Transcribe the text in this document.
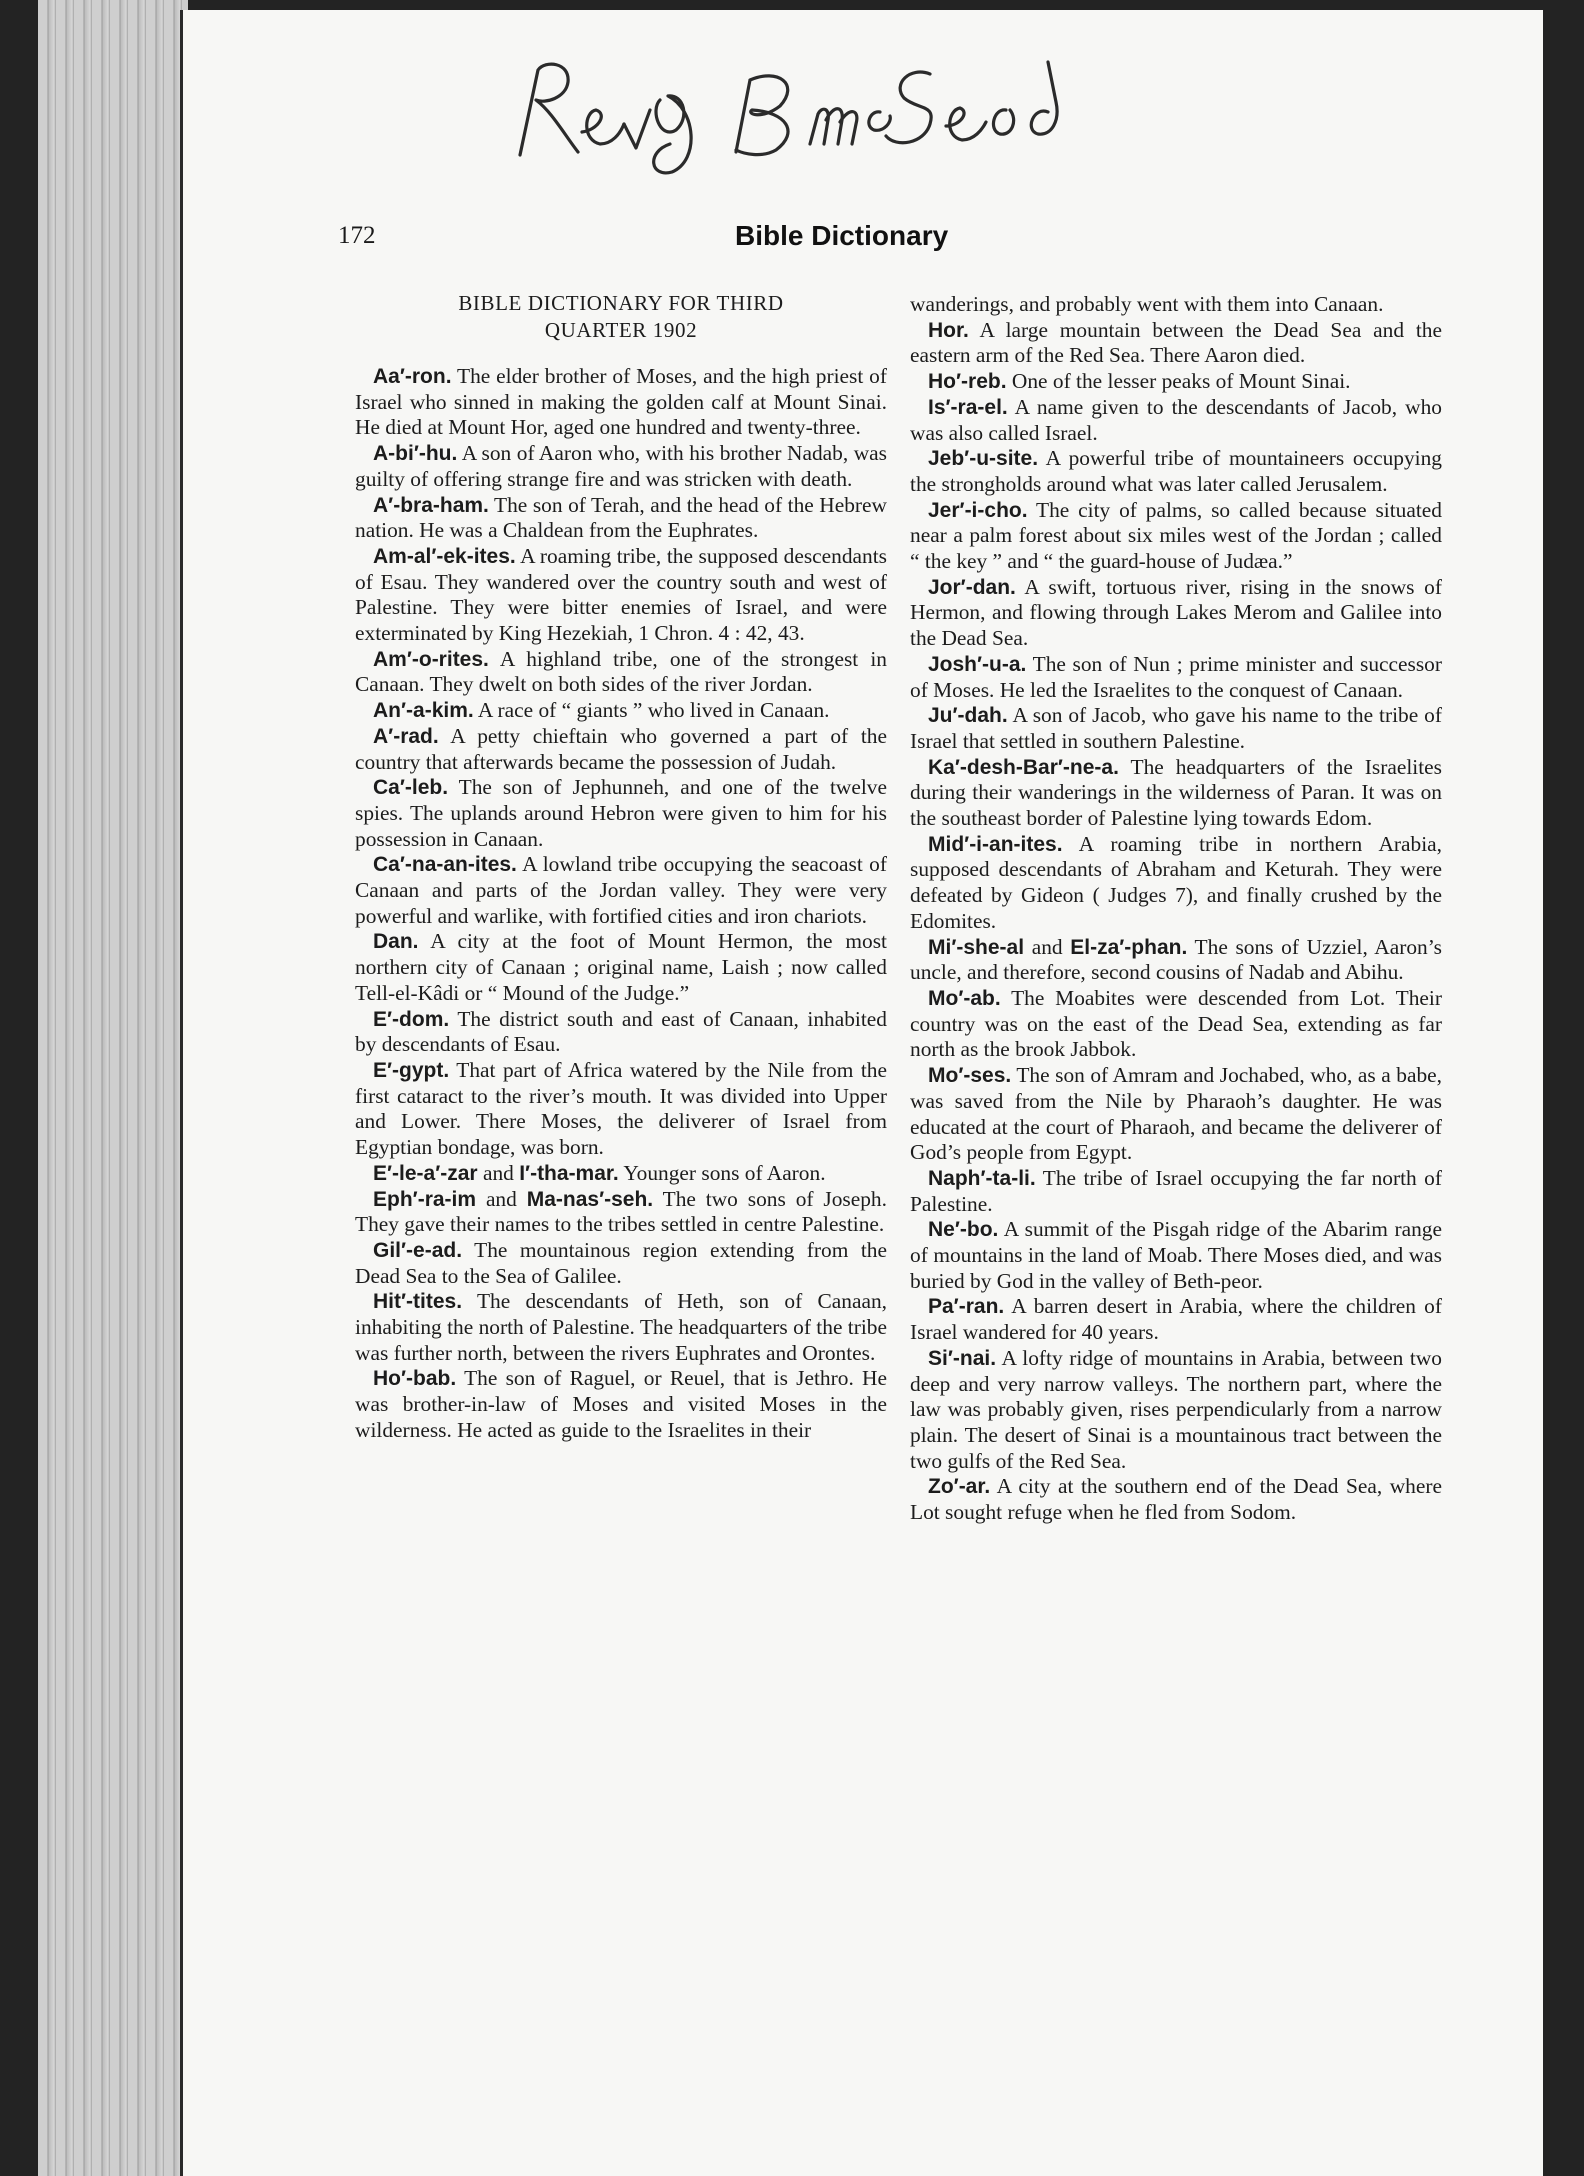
172	Bible Dictionary
BIBLE DICTIONARY FOR THIRD
QUARTER 1902

Aa′-ron. The elder brother of Moses, and the high priest of Israel who sinned in making the golden calf at Mount Sinai. He died at Mount Hor, aged one hundred and twenty-three.

A-bi′-hu. A son of Aaron who, with his brother Nadab, was guilty of offering strange fire and was stricken with death.

A′-bra-ham. The son of Terah, and the head of the Hebrew nation. He was a Chaldean from the Euphrates.

Am-al′-ek-ites. A roaming tribe, the supposed descendants of Esau. They wandered over the country south and west of Palestine. They were bitter enemies of Israel, and were exterminated by King Hezekiah, 1 Chron. 4 : 42, 43.

Am′-o-rites. A highland tribe, one of the strongest in Canaan. They dwelt on both sides of the river Jordan.

An′-a-kim. A race of “ giants ” who lived in Canaan.

A′-rad. A petty chieftain who governed a part of the country that afterwards became the possession of Judah.

Ca′-leb. The son of Jephunneh, and one of the twelve spies. The uplands around Hebron were given to him for his possession in Canaan.

Ca′-na-an-ites. A lowland tribe occupying the seacoast of Canaan and parts of the Jordan valley. They were very powerful and warlike, with fortified cities and iron chariots.

Dan. A city at the foot of Mount Hermon, the most northern city of Canaan ; original name, Laish ; now called Tell-el-Kâdi or “ Mound of the Judge.”

E′-dom. The district south and east of Canaan, inhabited by descendants of Esau.

E′-gypt. That part of Africa watered by the Nile from the first cataract to the river’s mouth. It was divided into Upper and Lower. There Moses, the deliverer of Israel from Egyptian bondage, was born.

E′-le-a′-zar and I′-tha-mar. Younger sons of Aaron.

Eph′-ra-im and Ma-nas′-seh. The two sons of Joseph. They gave their names to the tribes settled in centre Palestine.

Gil′-e-ad. The mountainous region extending from the Dead Sea to the Sea of Galilee.

Hit′-tites. The descendants of Heth, son of Canaan, inhabiting the north of Palestine. The headquarters of the tribe was further north, between the rivers Euphrates and Orontes.

Ho′-bab. The son of Raguel, or Reuel, that is Jethro. He was brother-in-law of Moses and visited Moses in the wilderness. He acted as guide to the Israelites in their

wanderings, and probably went with them into Canaan.

Hor. A large mountain between the Dead Sea and the eastern arm of the Red Sea. There Aaron died.

Ho′-reb. One of the lesser peaks of Mount Sinai.

Is′-ra-el. A name given to the descendants of Jacob, who was also called Israel.

Jeb′-u-site. A powerful tribe of mountaineers occupying the strongholds around what was later called Jerusalem.

Jer′-i-cho. The city of palms, so called because situated near a palm forest about six miles west of the Jordan ; called “ the key ” and “ the guard-house of Judæa.”

Jor′-dan. A swift, tortuous river, rising in the snows of Hermon, and flowing through Lakes Merom and Galilee into the Dead Sea.

Josh′-u-a. The son of Nun ; prime minister and successor of Moses. He led the Israelites to the conquest of Canaan.

Ju′-dah. A son of Jacob, who gave his name to the tribe of Israel that settled in southern Palestine.

Ka′-desh-Bar′-ne-a. The headquarters of the Israelites during their wanderings in the wilderness of Paran. It was on the southeast border of Palestine lying towards Edom.

Mid′-i-an-ites. A roaming tribe in northern Arabia, supposed descendants of Abraham and Keturah. They were defeated by Gideon ( Judges 7), and finally crushed by the Edomites.

Mi′-she-al and El-za′-phan. The sons of Uzziel, Aaron’s uncle, and therefore, second cousins of Nadab and Abihu.

Mo′-ab. The Moabites were descended from Lot. Their country was on the east of the Dead Sea, extending as far north as the brook Jabbok.

Mo′-ses. The son of Amram and Jochabed, who, as a babe, was saved from the Nile by Pharaoh’s daughter. He was educated at the court of Pharaoh, and became the deliverer of God’s people from Egypt.

Naph′-ta-li. The tribe of Israel occupying the far north of Palestine.

Ne′-bo. A summit of the Pisgah ridge of the Abarim range of mountains in the land of Moab. There Moses died, and was buried by God in the valley of Beth-peor.

Pa′-ran. A barren desert in Arabia, where the children of Israel wandered for 40 years.

Si′-nai. A lofty ridge of mountains in Arabia, between two deep and very narrow valleys. The northern part, where the law was probably given, rises perpendicularly from a narrow plain. The desert of Sinai is a mountainous tract between the two gulfs of the Red Sea.

Zo′-ar. A city at the southern end of the Dead Sea, where Lot sought refuge when he fled from Sodom.
